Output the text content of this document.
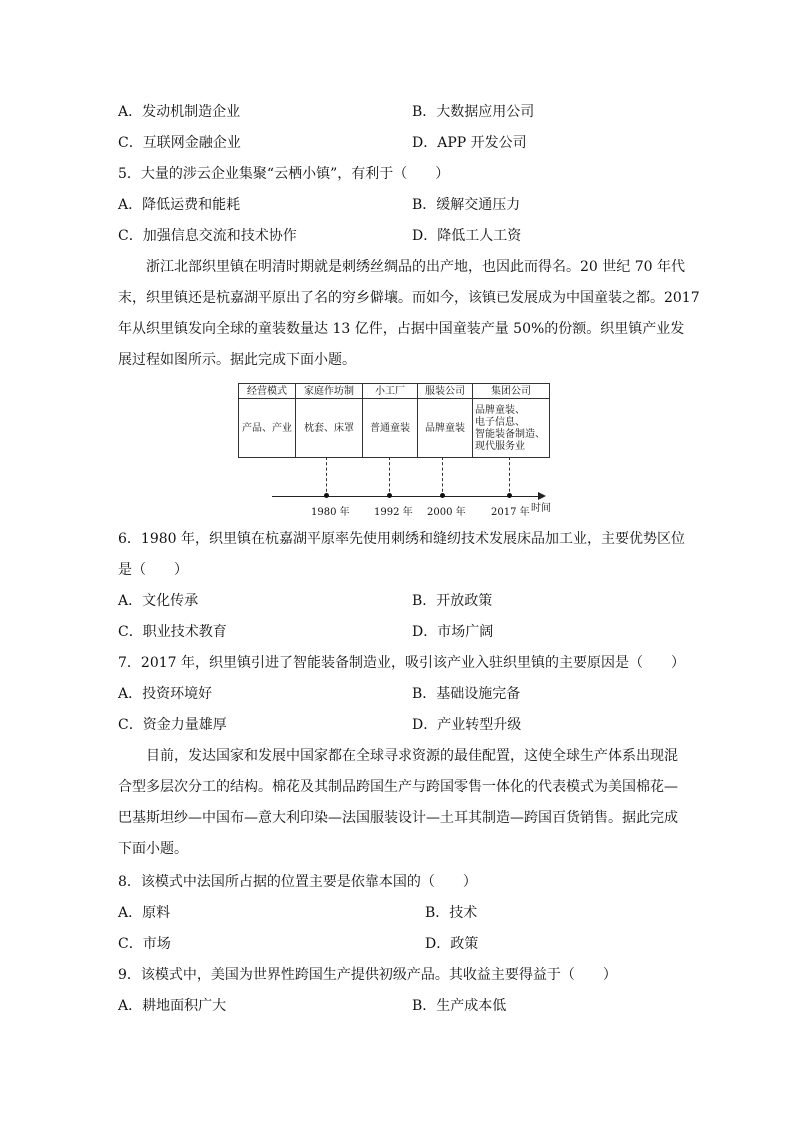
A．发动机制造企业	B．大数据应用公司
C．互联网金融企业	D．APP 开发公司
5．大量的涉云企业集聚“云栖小镇”，有利于（　　）
A．降低运费和能耗	B．缓解交通压力
C．加强信息交流和技术协作	D．降低工人工资
浙江北部织里镇在明清时期就是刺绣丝绸品的出产地，也因此而得名。20 世纪 70 年代
末，织里镇还是杭嘉湖平原出了名的穷乡僻壤。而如今，该镇已发展成为中国童装之都。2017
年从织里镇发向全球的童装数量达 13 亿件，占据中国童装产量 50%的份额。织里镇产业发
展过程如图所示。据此完成下面小题。
经营模式	家庭作坊制	小工厂	服装公司	集团公司
产品、产业	枕套、床罩	普通童装	品牌童装	品牌童装、
电子信息、
智能装备制造、
现代服务业
1980 年 1992 年 2000 年	2017 年 时间
6．1980 年，织里镇在杭嘉湖平原率先使用刺绣和缝纫技术发展床品加工业，主要优势区位
是（　　）
A．文化传承	B．开放政策
C．职业技术教育	D．市场广阔
7．2017 年，织里镇引进了智能装备制造业，吸引该产业入驻织里镇的主要原因是（　　）
A．投资环境好	B．基础设施完备
C．资金力量雄厚	D．产业转型升级
目前，发达国家和发展中国家都在全球寻求资源的最佳配置，这使全球生产体系出现混
合型多层次分工的结构。棉花及其制品跨国生产与跨国零售一体化的代表模式为美国棉花—
巴基斯坦纱—中国布—意大利印染—法国服装设计—土耳其制造—跨国百货销售。据此完成
下面小题。
8．该模式中法国所占据的位置主要是依靠本国的（　　）
A．原料	B．技术
C．市场	D．政策
9．该模式中，美国为世界性跨国生产提供初级产品。其收益主要得益于（　　）
A．耕地面积广大	B．生产成本低
